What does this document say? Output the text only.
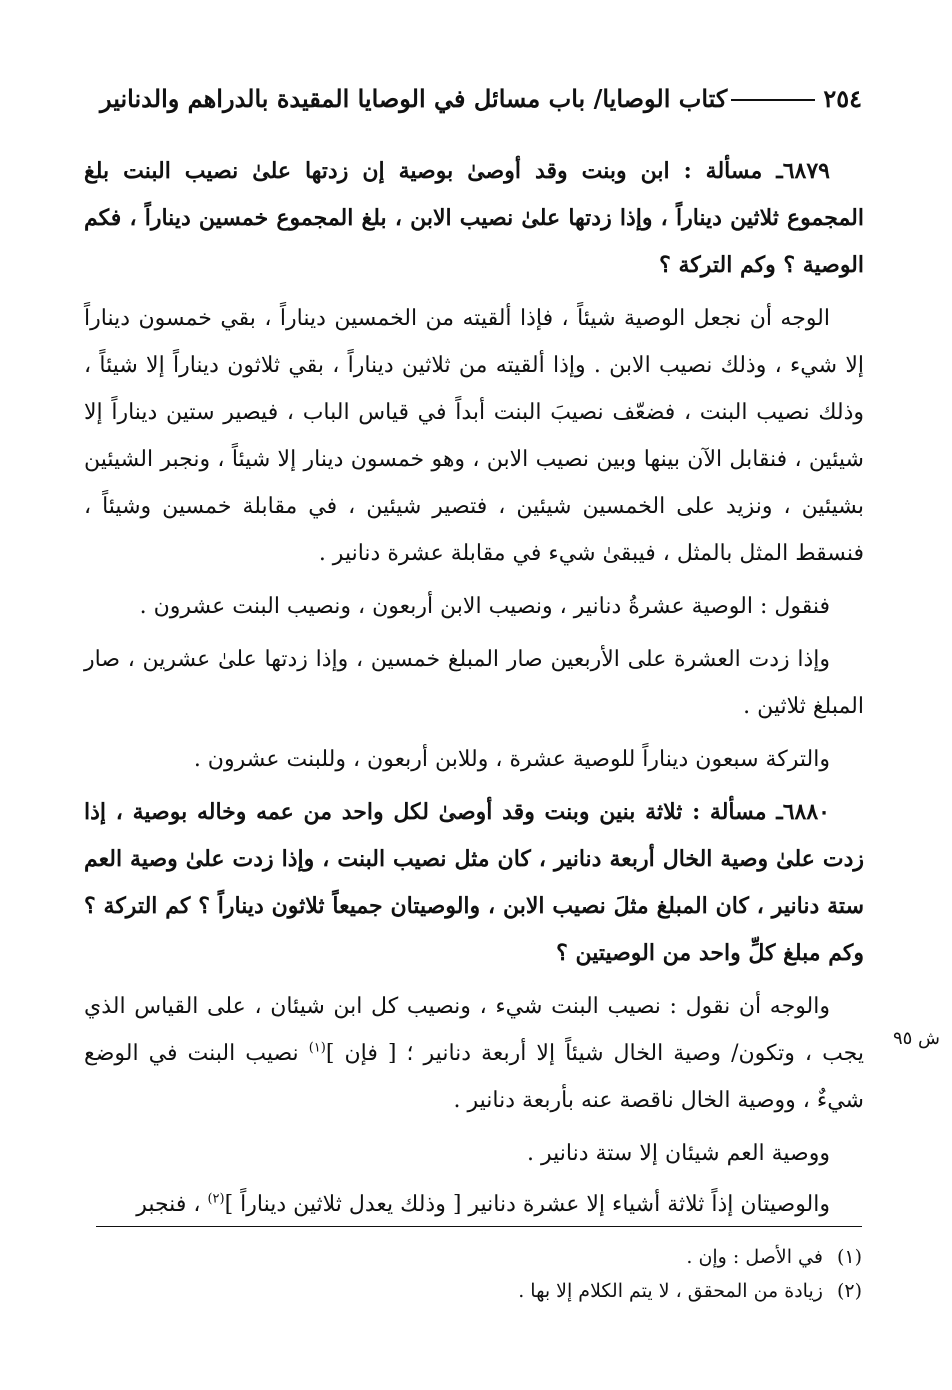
٢٥٤
كتاب الوصايا/ باب مسائل في الوصايا المقيدة بالدراهم والدنانير

٦٨٧٩ـ مسألة : ابن وبنت وقد أوصىٰ بوصية إن زدتها علىٰ نصيب البنت بلغ المجموع ثلاثين ديناراً ، وإذا زدتها علىٰ نصيب الابن ، بلغ المجموع خمسين ديناراً ، فكم الوصية ؟ وكم التركة ؟

الوجه أن نجعل الوصية شيئاً ، فإذا ألقيته من الخمسين ديناراً ، بقي خمسون ديناراً إلا شيء ، وذلك نصيب الابن . وإذا ألقيته من ثلاثين ديناراً ، بقي ثلاثون ديناراً إلا شيئاً ، وذلك نصيب البنت ، فضعّف نصيبَ البنت أبداً في قياس الباب ، فيصير ستين ديناراً إلا شيئين ، فنقابل الآن بينها وبين نصيب الابن ، وهو خمسون دينار إلا شيئاً ، ونجبر الشيئين بشيئين ، ونزيد على الخمسين شيئين ، فتصير شيئين ، في مقابلة خمسين وشيئاً ، فنسقط المثل بالمثل ، فيبقىٰ شيء في مقابلة عشرة دنانير .

فنقول : الوصية عشرةُ دنانير ، ونصيب الابن أربعون ، ونصيب البنت عشرون .

وإذا زدت العشرة على الأربعين صار المبلغ خمسين ، وإذا زدتها علىٰ عشرين ، صار المبلغ ثلاثين .

والتركة سبعون ديناراً للوصية عشرة ، وللابن أربعون ، وللبنت عشرون .

٦٨٨٠ـ مسألة : ثلاثة بنين وبنت وقد أوصىٰ لكل واحد من عمه وخاله بوصية ، إذا زدت علىٰ وصية الخال أربعة دنانير ، كان مثل نصيب البنت ، وإذا زدت علىٰ وصية العم ستة دنانير ، كان المبلغ مثلَ نصيب الابن ، والوصيتان جميعاً ثلاثون ديناراً ؟ كم التركة ؟ وكم مبلغ كلِّ واحد من الوصيتين ؟

والوجه أن نقول : نصيب البنت شيء ، ونصيب كل ابن شيئان ، على القياس الذي يجب ، وتكون/ وصية الخال شيئاً إلا أربعة دنانير ؛ [ فإن ]$^{(١)}$ نصيب البنت في الوضع شيءٌ ، ووصية الخال ناقصة عنه بأربعة دنانير .

ووصية العم شيئان إلا ستة دنانير .

والوصيتان إذاً ثلاثة أشياء إلا عشرة دنانير [ وذلك يعدل ثلاثين ديناراً ]$^{(٢)}$ ، فنجبر

ش ٩٥
(١)
في الأصل : وإن .
(٢)
زيادة من المحقق ، لا يتم الكلام إلا بها .
